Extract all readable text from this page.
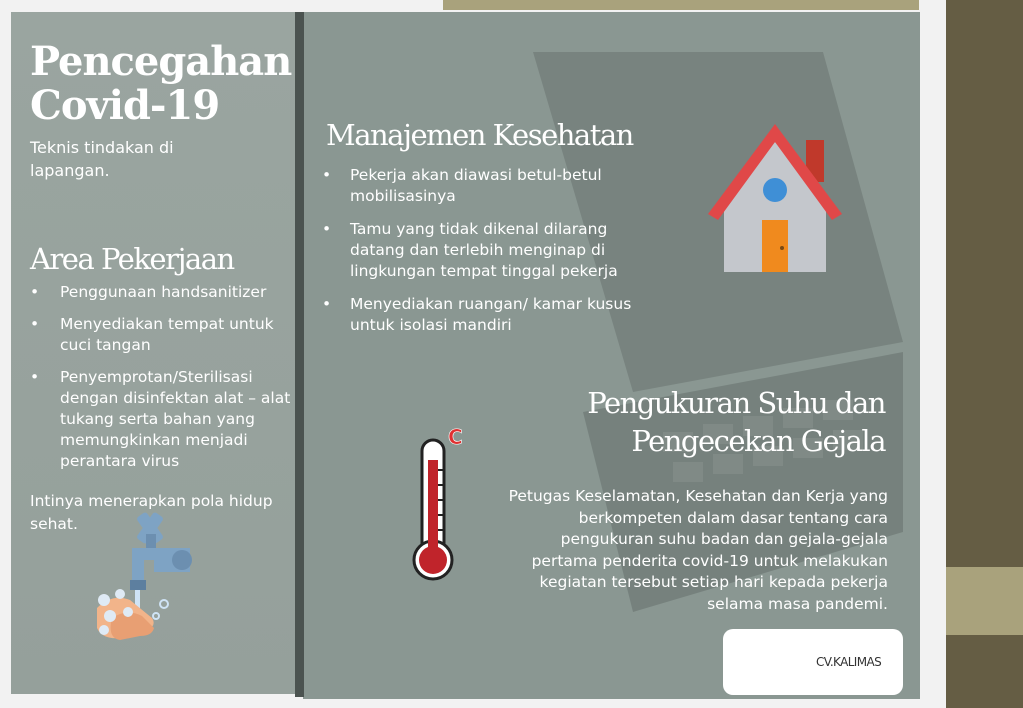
Pencegahan
Covid-19
Teknis tindakan di lapangan.
Area Pekerjaan
• Penggunaan handsanitizer
• Menyediakan tempat untuk cuci tangan
• Penyemprotan/Sterilisasi dengan disinfektan alat – alat tukang serta bahan yang memungkinkan menjadi perantara virus
Intinya menerapkan pola hidup sehat.
Manajemen Kesehatan
• Pekerja akan diawasi betul-betul mobilisasinya
• Tamu yang tidak dikenal dilarang datang dan terlebih menginap di lingkungan tempat tinggal pekerja
• Menyediakan ruangan/ kamar kusus untuk isolasi mandiri
C
Pengukuran Suhu dan
Pengecekan Gejala
Petugas Keselamatan, Kesehatan dan Kerja yang berkompeten dalam dasar tentang cara pengukuran suhu badan dan gejala-gejala pertama penderita covid-19 untuk melakukan kegiatan tersebut setiap hari kepada pekerja selama masa pandemi.
CV.KALIMAS
